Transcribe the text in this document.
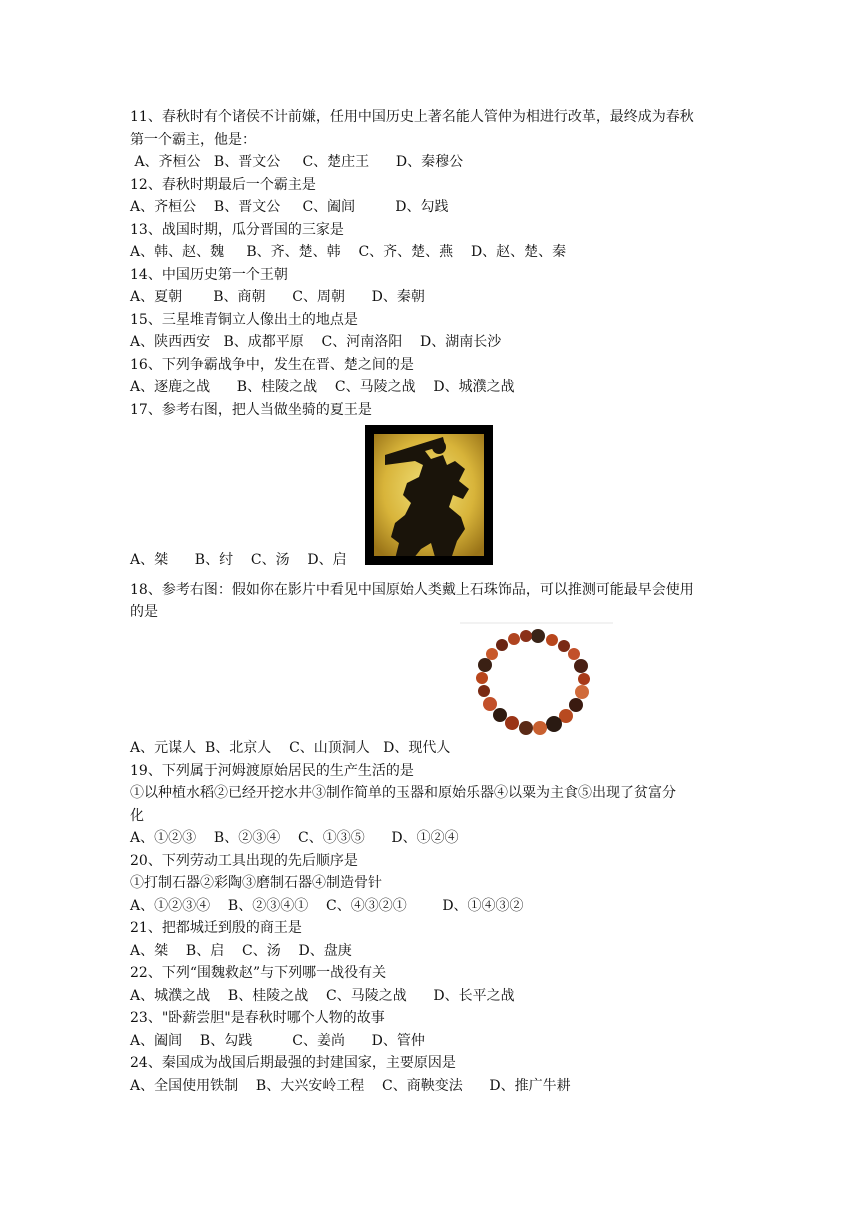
11、春秋时有个诸侯不计前嫌，任用中国历史上著名能人管仲为相进行改革，最终成为春秋
第一个霸主，他是：
A、齐桓公   B、晋文公     C、楚庄王      D、秦穆公
12、春秋时期最后一个霸主是
A、齐桓公    B、晋文公     C、阖闾         D、勾践
13、战国时期，瓜分晋国的三家是
A、韩、赵、魏     B、齐、楚、韩    C、齐、楚、燕    D、赵、楚、秦
14、中国历史第一个王朝
A、夏朝       B、商朝      C、周朝      D、秦朝
15、三星堆青铜立人像出土的地点是
A、陕西西安   B、成都平原    C、河南洛阳    D、湖南长沙
16、下列争霸战争中，发生在晋、楚之间的是
A、逐鹿之战      B、桂陵之战    C、马陵之战    D、城濮之战
17、参考右图，把人当做坐骑的夏王是
A、桀      B、纣    C、汤    D、启
18、参考右图：假如你在影片中看见中国原始人类戴上石珠饰品，可以推测可能最早会使用
的是
A、元谋人  B、北京人    C、山顶洞人   D、现代人
19、下列属于河姆渡原始居民的生产生活的是
①以种植水稻②已经开挖水井③制作简单的玉器和原始乐器④以粟为主食⑤出现了贫富分
化
A、①②③    B、②③④    C、①③⑤      D、①②④
20、下列劳动工具出现的先后顺序是
①打制石器②彩陶③磨制石器④制造骨针
A、①②③④    B、②③④①    C、④③②①        D、①④③②
21、把都城迁到殷的商王是
A、桀    B、启    C、汤    D、盘庚
22、下列“围魏救赵”与下列哪一战役有关
A、城濮之战    B、桂陵之战    C、马陵之战      D、长平之战
23、"卧薪尝胆"是春秋时哪个人物的故事
A、阖闾    B、勾践         C、姜尚      D、管仲
24、秦国成为战国后期最强的封建国家，主要原因是
A、全国使用铁制    B、大兴安岭工程    C、商鞅变法      D、推广牛耕
